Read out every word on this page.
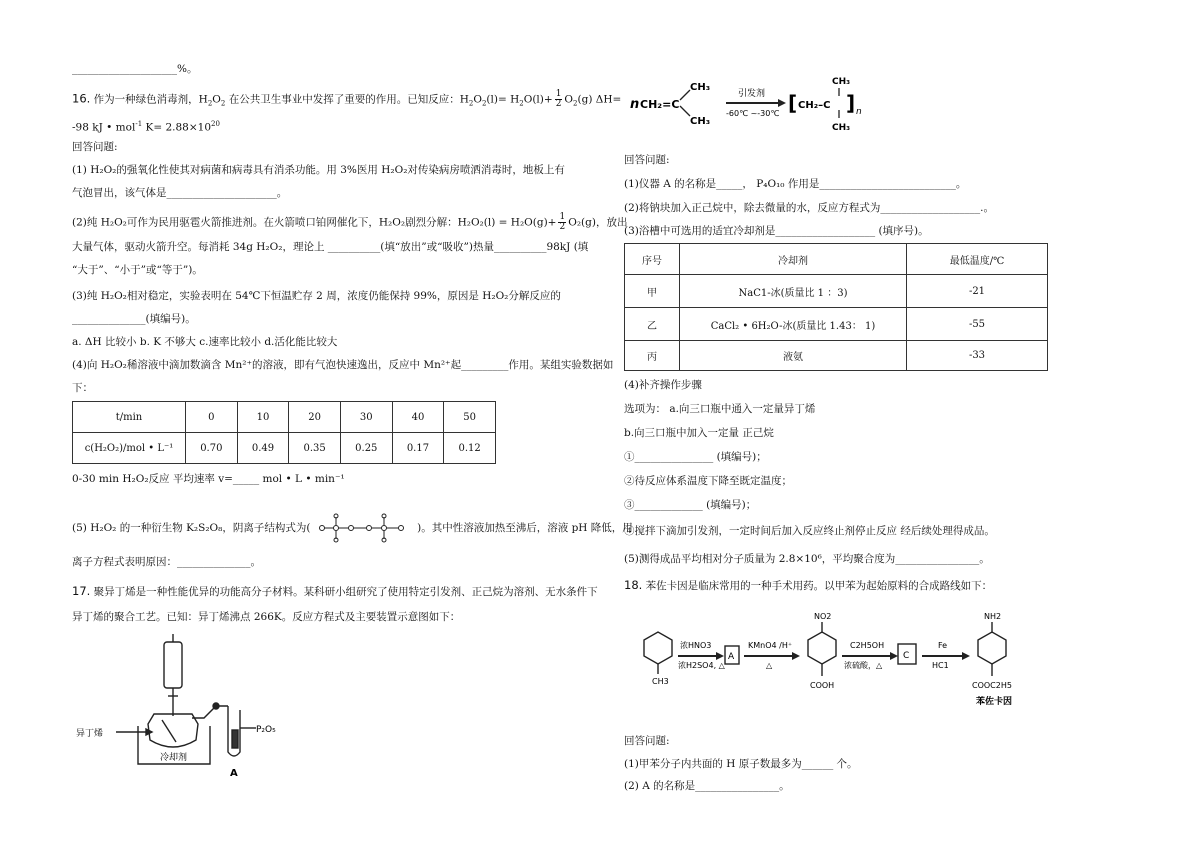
____________________%。
16. 作为一种绿色消毒剂，$H_2O_2$ 在公共卫生事业中发挥了重要的作用。已知反应：$H_2O_2(l)= H_2O(l)+ \frac{1}{2} O_2(g)$ ΔH=
-98 kJ • mol$^{-1}$ $K= 2.88\times 10^{20}$
回答问题:
(1) H₂O₂的强氧化性使其对病菌和病毒具有消杀功能。用 3%医用 H₂O₂对传染病房喷洒消毒时，地板上有
气泡冒出，该气体是_____________________。
(2)纯 H₂O₂可作为民用驱雹火箭推进剂。在火箭喷口铂网催化下，H₂O₂剧烈分解：$H_2O_2(l) = H_2O(g)+ \frac{1}{2} O_2(g)$，放出
大量气体，驱动火箭升空。每消耗 34g H₂O₂，理论上 __________(填“放出”或“吸收”)热量__________98kJ (填
“大于”、“小于”或“等于”)。
(3)纯 H₂O₂相对稳定，实验表明在 54℃下恒温贮存 2 周，浓度仍能保持 99%，原因是 H₂O₂分解反应的
______________(填编号)。
a. ΔH 比较小 b. K 不够大 c.速率比较小 d.活化能比较大
(4)向 H₂O₂稀溶液中滴加数滴含 Mn²⁺的溶液，即有气泡快速逸出，反应中 Mn²⁺起_________作用。某组实验数据如
下：
t/min	0	10	20	30	40	50
c(H₂O₂)/mol • L⁻¹	0.70	0.49	0.35	0.25	0.17	0.12
0-30 min H₂O₂反应 平均速率 v=_____ mol • L • min⁻¹
(5) H₂O₂ 的一种衍生物 K₂S₂O₈，阴离子结构式为(	)。其中性溶液加热至沸后，溶液 pH 降低，用
离子方程式表明原因：______________。
17. 聚异丁烯是一种性能优异的功能高分子材料。某科研小组研究了使用特定引发剂、正己烷为溶剂、无水条件下
异丁烯的聚合工艺。已知：异丁烯沸点 266K。反应方程式及主要装置示意图如下：
异丁烯
冷却剂
P₂O₅
A
n CH₂=C
CH₃
CH₃
引发剂
-60℃ ~-30℃ [ CH₂–C
CH₃
CH₃
] n
回答问题:
(1)仪器 A 的名称是_____， P₄O₁₀ 作用是__________________________。
(2)将钠块加入正己烷中，除去微量的水，反应方程式为___________________.。
(3)浴槽中可选用的适宜冷却剂是___________________ (填序号)。
序号	冷却剂	最低温度/℃
甲	NaC1-冰(质量比 1 ：3)	-21
乙	CaCl₂ • 6H₂O-冰(质量比 1.43： 1)	-55
丙	液氨	-33
(4)补齐操作步骤
选项为： a.向三口瓶中通入一定量异丁烯
b.向三口瓶中加入一定量 正己烷
①_______________ (填编号)；
②待反应体系温度下降至既定温度；
③_____________ (填编号)；
④搅拌下滴加引发剂，一定时间后加入反应终止剂停止反应 经后续处理得成品。
(5)测得成品平均相对分子质量为 2.8×10⁶，平均聚合度为________________。
18. 苯佐卡因是临床常用的一种手术用药。以甲苯为起始原料的合成路线如下：
CH3
浓HNO3
浓H2SO4, △
A
KMnO4 /H⁺
△
NO2
COOH
C2H5OH
浓硫酸，△
C
Fe
HC1
NH2
COOC2H5
苯佐卡因
回答问题:
(1)甲苯分子内共面的 H 原子数最多为______ 个。
(2) A 的名称是________________。
